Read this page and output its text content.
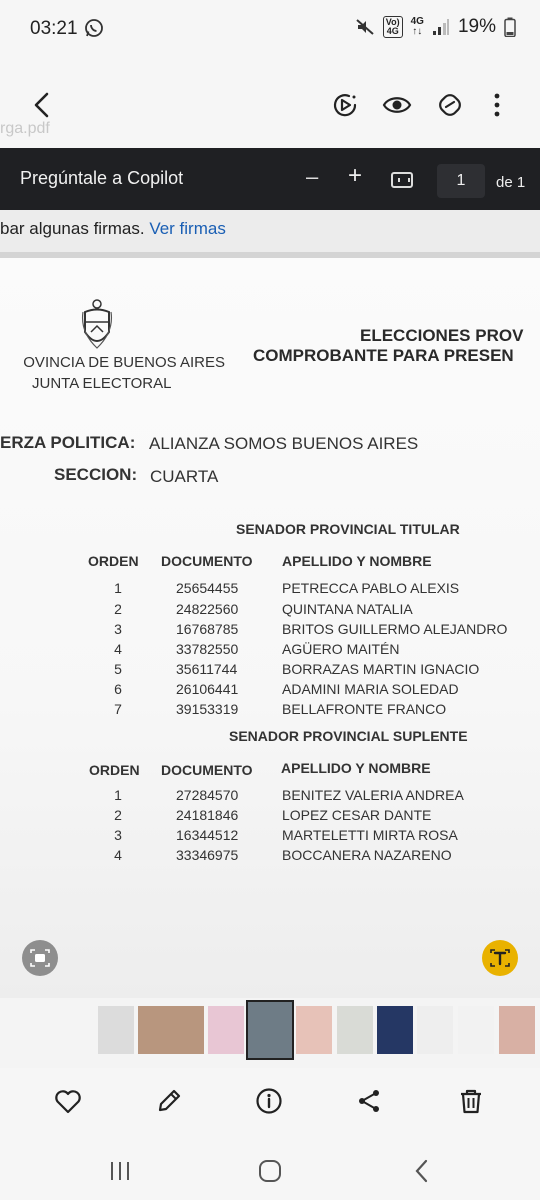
03:21	Vo)
4G
4G
↑↓ 19%
rga.pdf
Pregúntale a Copilot	– +	1	de 1
bar algunas firmas. Ver firmas
OVINCIA DE BUENOS AIRES
JUNTA ELECTORAL
ELECCIONES PROV
COMPROBANTE PARA PRESEN
ERZA POLITICA: ALIANZA SOMOS BUENOS AIRES
SECCION: CUARTA
SENADOR PROVINCIAL TITULAR
ORDEN DOCUMENTO APELLIDO Y NOMBRE
1	25654455	PETRECCA PABLO ALEXIS
2	24822560	QUINTANA NATALIA
3	16768785	BRITOS GUILLERMO ALEJANDRO
4	33782550	AGÜERO MAITÉN
5	35611744	BORRAZAS MARTIN IGNACIO
6	26106441	ADAMINI MARIA SOLEDAD
7	39153319	BELLAFRONTE FRANCO
SENADOR PROVINCIAL SUPLENTE
ORDEN DOCUMENTO APELLIDO Y NOMBRE
1	27284570	BENITEZ VALERIA ANDREA
2	24181846	LOPEZ CESAR DANTE
3	16344512	MARTELETTI MIRTA ROSA
4	33346975	BOCCANERA NAZARENO
